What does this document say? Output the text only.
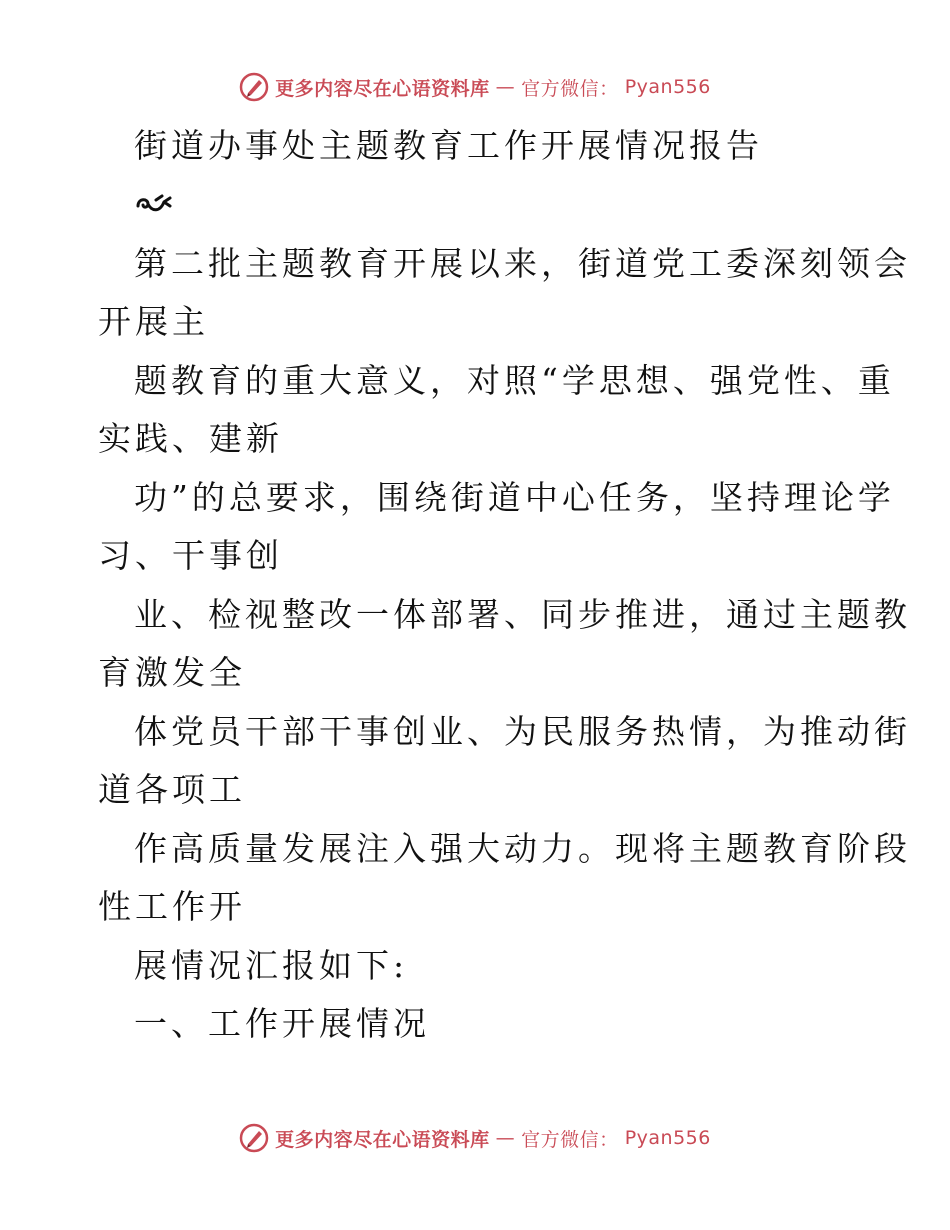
更多内容尽在心语资料库 — 官方微信： Pyan556
街道办事处主题教育工作开展情况报告
第二批主题教育开展以来，街道党工委深刻领会
开展主
题教育的重大意义，对照“学思想、强党性、重
实践、建新
功”的总要求，围绕街道中心任务，坚持理论学
习、干事创
业、检视整改一体部署、同步推进，通过主题教
育激发全
体党员干部干事创业、为民服务热情，为推动街
道各项工
作高质量发展注入强大动力。现将主题教育阶段
性工作开
展情况汇报如下:
一、工作开展情况
更多内容尽在心语资料库 — 官方微信： Pyan556
